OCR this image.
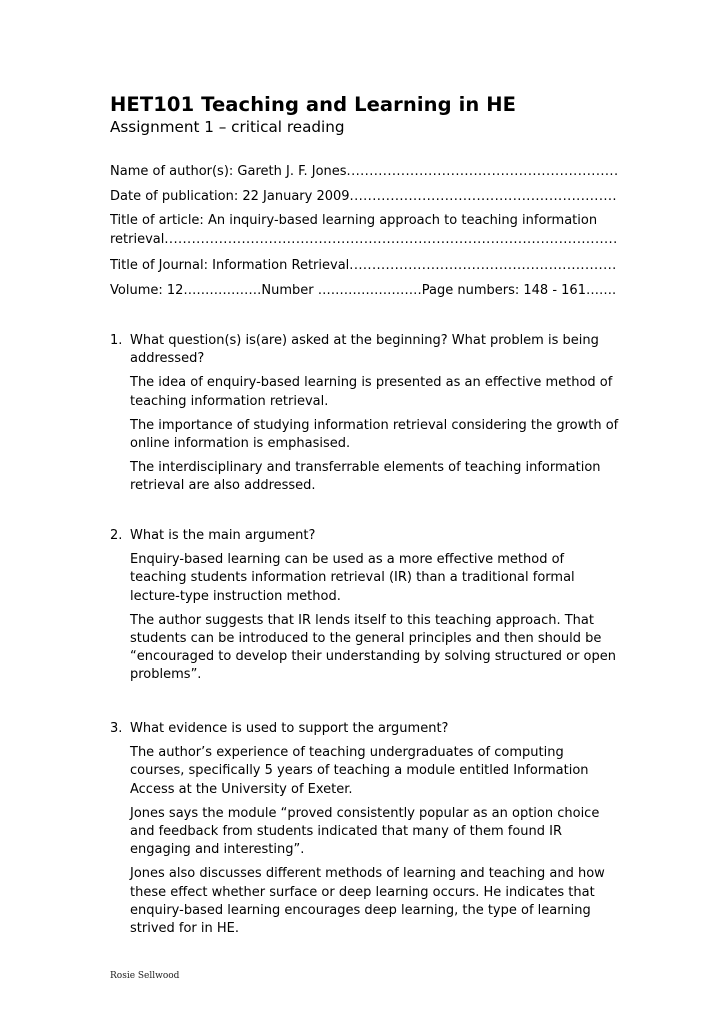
HET101 Teaching and Learning in HE
Assignment 1 – critical reading
Name of author(s): Gareth J. F. Jones
.....
Date of publication: 22 January 2009
.....
Title of article: An inquiry-based learning approach to teaching information
retrieval
.....
Title of Journal: Information Retrieval
.....
Volume: 12………………Number ……………………Page numbers: 148 - 161…….
1. What question(s) is(are) asked at the beginning? What problem is being addressed?
The idea of enquiry-based learning is presented as an effective method of teaching information retrieval.
The importance of studying information retrieval considering the growth of online information is emphasised.
The interdisciplinary and transferrable elements of teaching information retrieval are also addressed.
2. What is the main argument?
Enquiry-based learning can be used as a more effective method of teaching students information retrieval (IR) than a traditional formal lecture-type instruction method.
The author suggests that IR lends itself to this teaching approach. That students can be introduced to the general principles and then should be “encouraged to develop their understanding by solving structured or open problems”.
3. What evidence is used to support the argument?
The author’s experience of teaching undergraduates of computing courses, specifically 5 years of teaching a module entitled Information Access at the University of Exeter.
Jones says the module “proved consistently popular as an option choice and feedback from students indicated that many of them found IR engaging and interesting”.
Jones also discusses different methods of learning and teaching and how these effect whether surface or deep learning occurs. He indicates that enquiry-based learning encourages deep learning, the type of learning strived for in HE.
Rosie Sellwood
